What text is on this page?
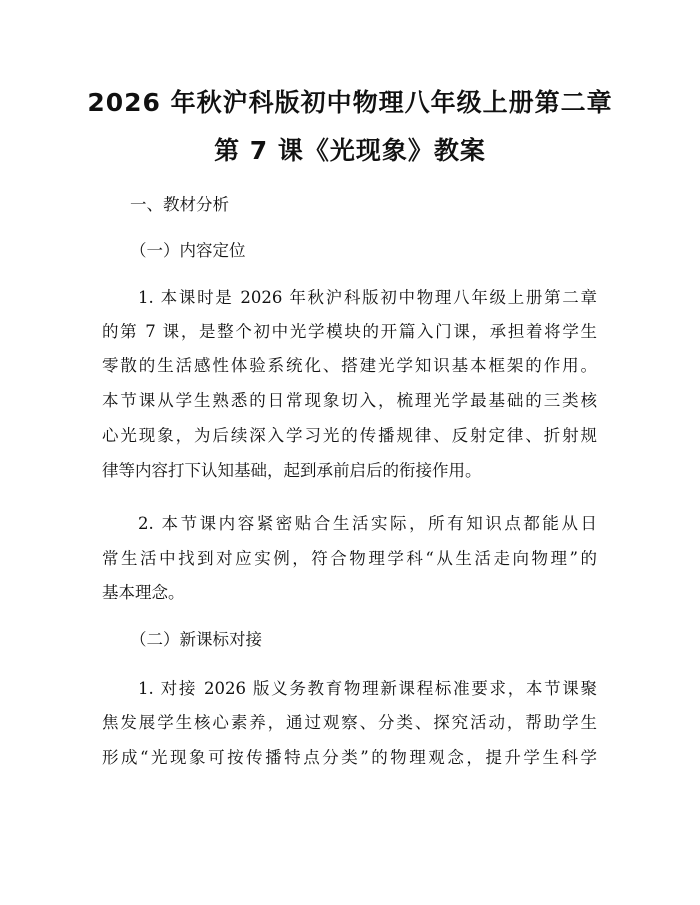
2026 年秋沪科版初中物理八年级上册第二章
第 7 课《光现象》教案

一、教材分析

（一）内容定位

1. 本课时是 2026 年秋沪科版初中物理八年级上册第二章

的第 7 课，是整个初中光学模块的开篇入门课，承担着将学生

零散的生活感性体验系统化、搭建光学知识基本框架的作用。

本节课从学生熟悉的日常现象切入，梳理光学最基础的三类核

心光现象，为后续深入学习光的传播规律、反射定律、折射规

律等内容打下认知基础，起到承前启后的衔接作用。

2. 本节课内容紧密贴合生活实际，所有知识点都能从日

常生活中找到对应实例，符合物理学科“从生活走向物理”的

基本理念。

（二）新课标对接

1. 对接 2026 版义务教育物理新课程标准要求，本节课聚

焦发展学生核心素养，通过观察、分类、探究活动，帮助学生

形成“光现象可按传播特点分类”的物理观念，提升学生科学
